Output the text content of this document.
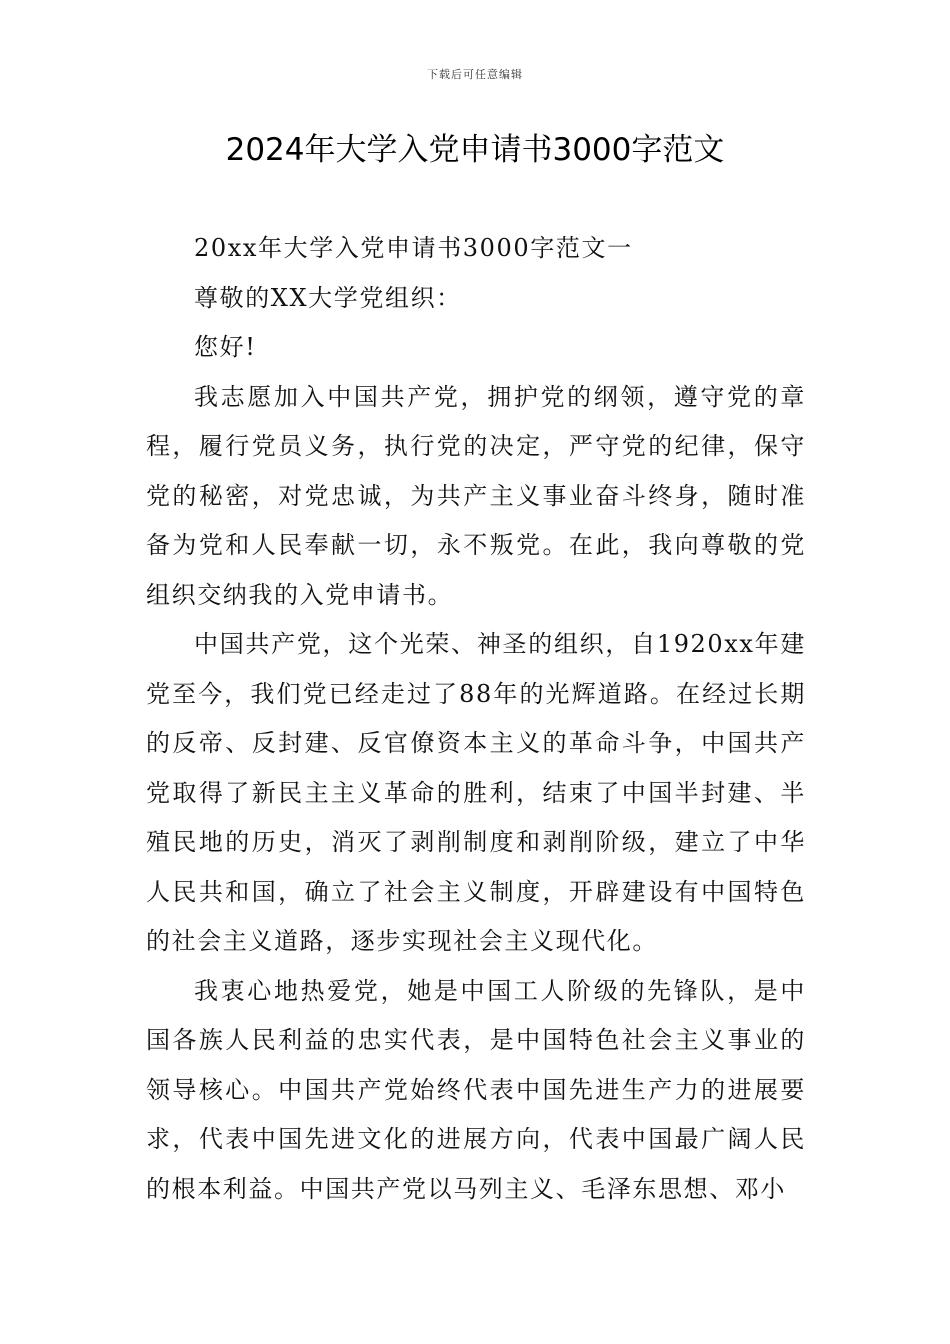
下载后可任意编辑
2024年大学入党申请书3000字范文

20xx年大学入党申请书3000字范文一

尊敬的XX大学党组织：

您好!

我志愿加入中国共产党，拥护党的纲领，遵守党的章程，履行党员义务，执行党的决定，严守党的纪律，保守党的秘密，对党忠诚，为共产主义事业奋斗终身，随时准备为党和人民奉献一切，永不叛党。在此，我向尊敬的党组织交纳我的入党申请书。

中国共产党，这个光荣、神圣的组织，自1920xx年建党至今，我们党已经走过了88年的光辉道路。在经过长期的反帝、反封建、反官僚资本主义的革命斗争，中国共产党取得了新民主主义革命的胜利，结束了中国半封建、半殖民地的历史，消灭了剥削制度和剥削阶级，建立了中华人民共和国，确立了社会主义制度，开辟建设有中国特色的社会主义道路，逐步实现社会主义现代化。

我衷心地热爱党，她是中国工人阶级的先锋队，是中国各族人民利益的忠实代表，是中国特色社会主义事业的领导核心。中国共产党始终代表中国先进生产力的进展要求，代表中国先进文化的进展方向，代表中国最广阔人民的根本利益。中国共产党以马列主义、毛泽东思想、邓小
